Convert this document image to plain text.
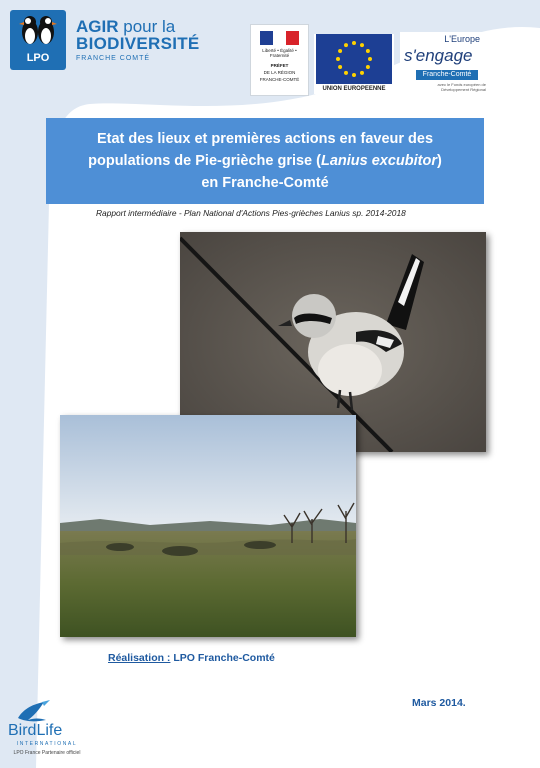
LPO
AGIR pour la
BIODIVERSITÉ
FRANCHE COMTÉ
Liberté • Égalité • Fraternité
PRÉFET
DE LA RÉGION
FRANCHE-COMTÉ
UNION EUROPEENNE
L'Europe
s'engage
Franche-Comté
avec le Fonds européen de Développement Régional
Etat des lieux et premières actions en faveur des
populations de Pie-grièche grise (Lanius excubitor)
en Franche-Comté
Rapport intermédiaire - Plan National d'Actions Pies-grièches Lanius sp. 2014-2018
Réalisation : LPO Franche-Comté
Mars 2014.
BirdLife
INTERNATIONAL
LPO France Partenaire officiel
